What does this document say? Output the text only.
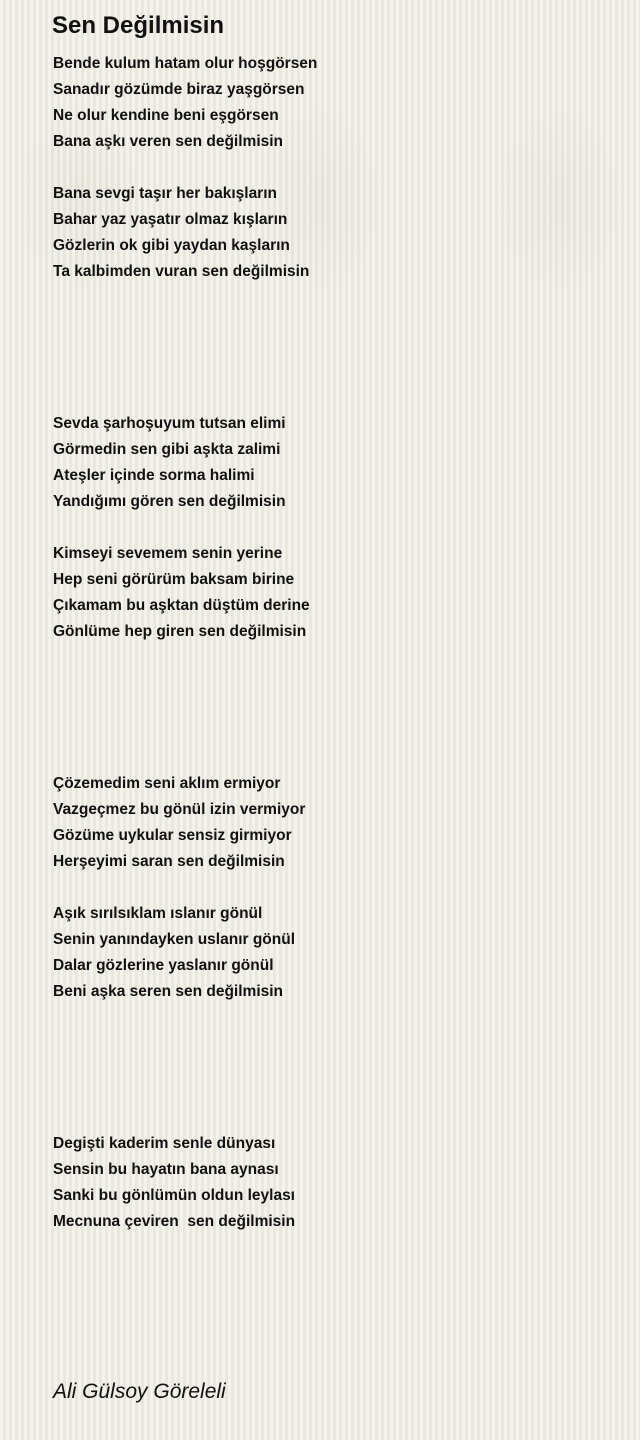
Sen Değilmisin
Bende kulum hatam olur hoşgörsen
Sanadır gözümde biraz yaşgörsen
Ne olur kendine beni eşgörsen
Bana aşkı veren sen değilmisin
Bana sevgi taşır her bakışların
Bahar yaz yaşatır olmaz kışların
Gözlerin ok gibi yaydan kaşların
Ta kalbimden vuran sen değilmisin
Sevda şarhoşuyum tutsan elimi
Görmedin sen gibi aşkta zalimi
Ateşler içinde sorma halimi
Yandığımı gören sen değilmisin
Kimseyi sevemem senin yerine
Hep seni görürüm baksam birine
Çıkamam bu aşktan düştüm derine
Gönlüme hep giren sen değilmisin
Çözemedim seni aklım ermiyor
Vazgeçmez bu gönül izin vermiyor
Gözüme uykular sensiz girmiyor
Herşeyimi saran sen değilmisin
Aşık sırılsıklam ıslanır gönül
Senin yanındayken uslanır gönül
Dalar gözlerine yaslanır gönül
Beni aşka seren sen değilmisin
Degişti kaderim senle dünyası
Sensin bu hayatın bana aynası
Sanki bu gönlümün oldun leylası
Mecnuna çeviren  sen değilmisin
Ali Gülsoy Göreleli
